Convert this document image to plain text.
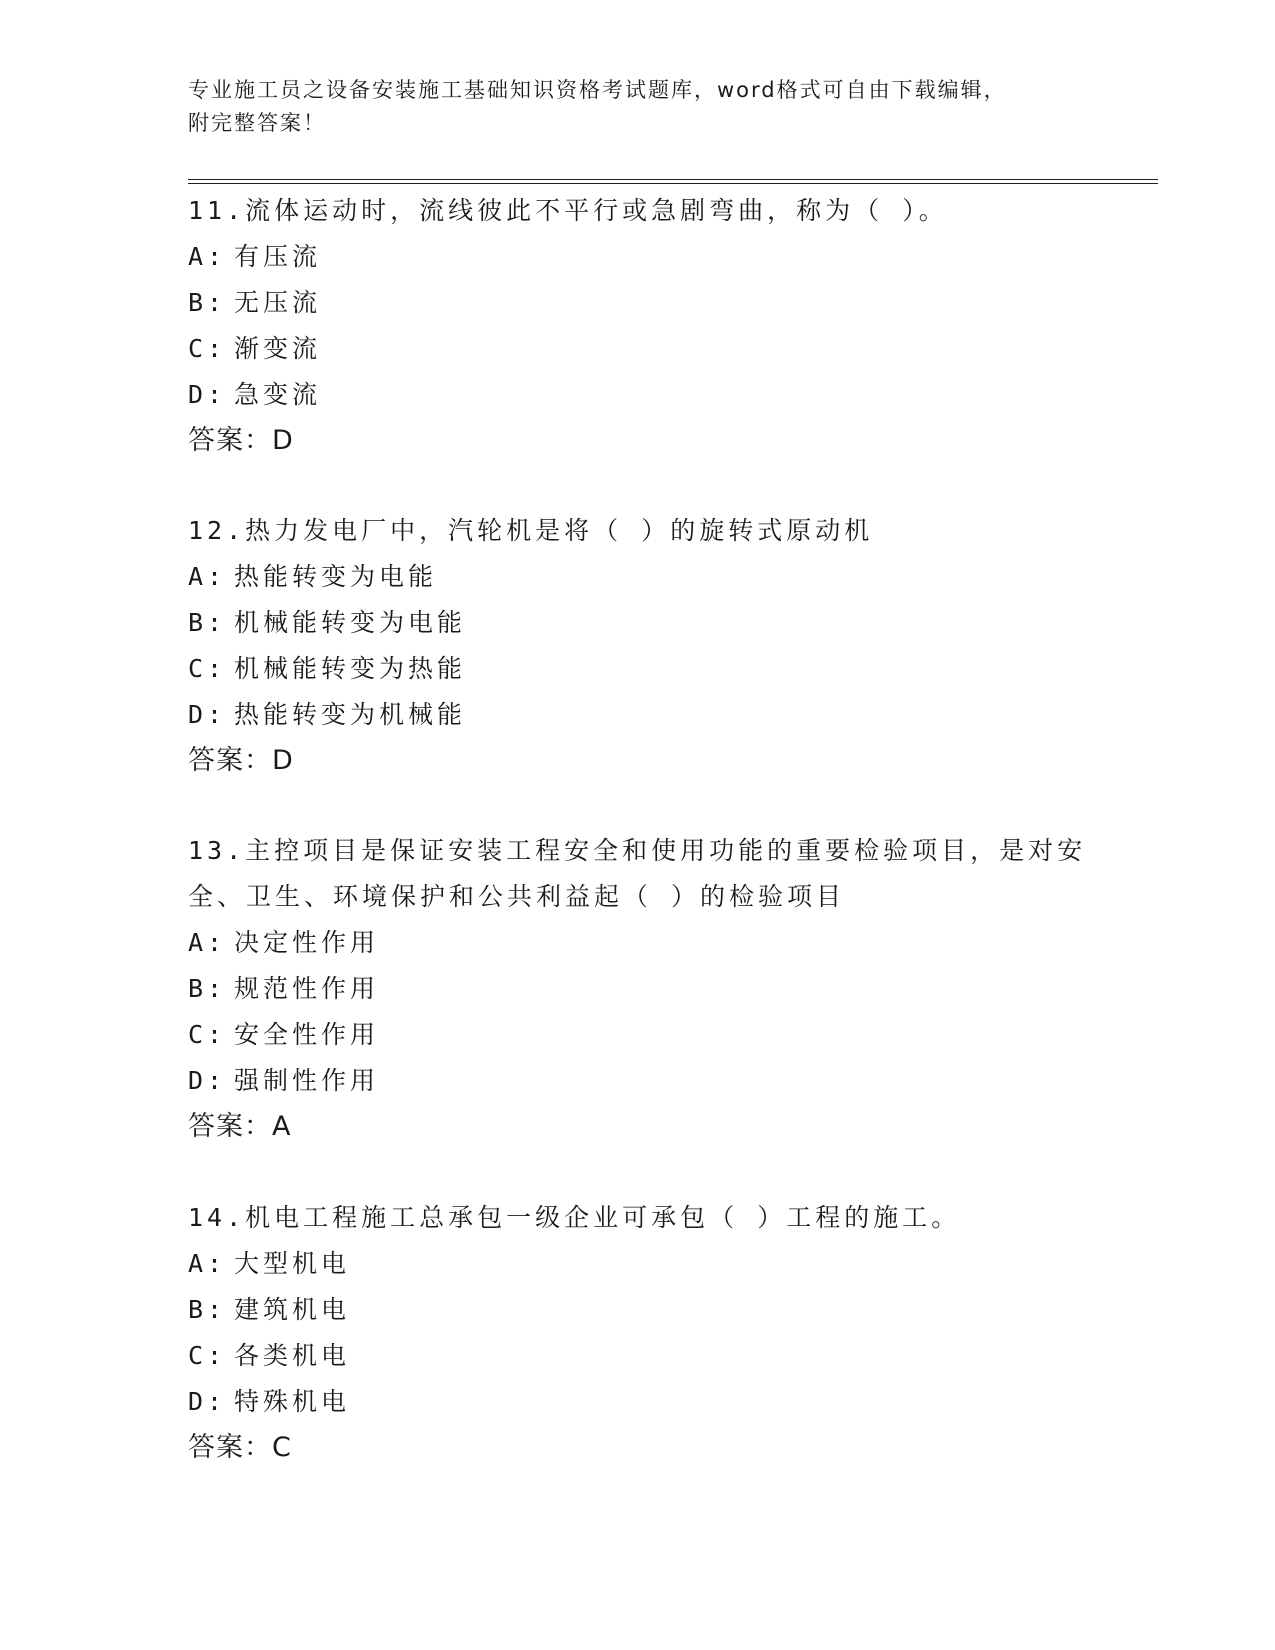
专业施工员之设备安装施工基础知识资格考试题库，word格式可自由下载编辑，
附完整答案！
11.流体运动时，流线彼此不平行或急剧弯曲，称为（ ）。
A: 有压流
B: 无压流
C: 渐变流
D: 急变流
答案：D
12.热力发电厂中，汽轮机是将（ ）的旋转式原动机
A: 热能转变为电能
B: 机械能转变为电能
C: 机械能转变为热能
D: 热能转变为机械能
答案：D
13.主控项目是保证安装工程安全和使用功能的重要检验项目，是对安
全、卫生、环境保护和公共利益起（ ）的检验项目
A: 决定性作用
B: 规范性作用
C: 安全性作用
D: 强制性作用
答案：A
14.机电工程施工总承包一级企业可承包（ ）工程的施工。
A: 大型机电
B: 建筑机电
C: 各类机电
D: 特殊机电
答案：C
